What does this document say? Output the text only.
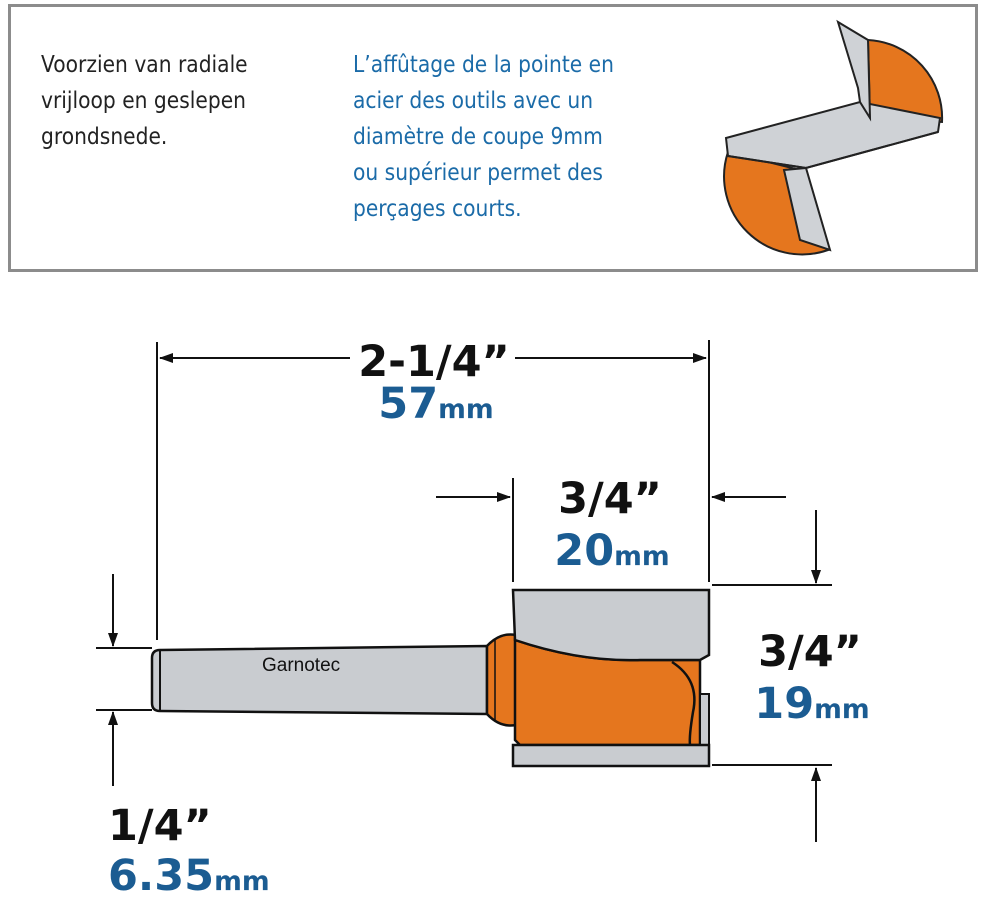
Voorzien van radiale
vrijloop en geslepen
grondsnede.
L’affûtage de la pointe en
acier des outils avec un
diamètre de coupe 9mm
ou supérieur permet des
perçages courts.
Garnotec
2-1/4”
57mm
3/4”
20mm
3/4”
19mm
1/4”
6.35mm
